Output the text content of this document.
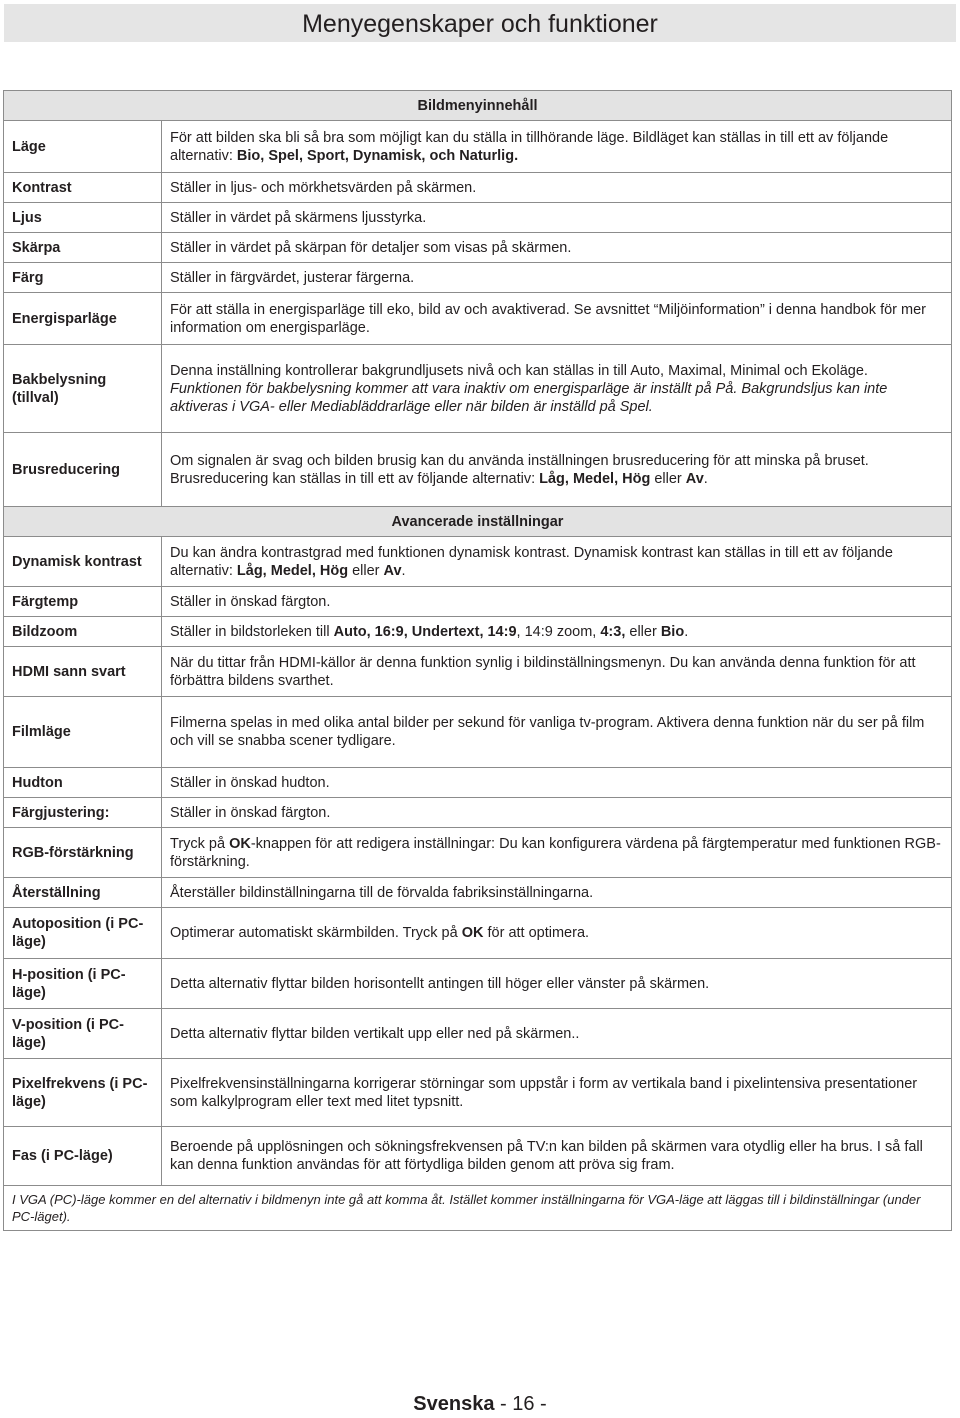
Menyegenskaper och funktioner
Bildmenyinnehåll	
Läge	För att bilden ska bli så bra som möjligt kan du ställa in tillhörande läge. Bildläget kan ställas in till ett av följande alternativ: Bio, Spel, Sport, Dynamisk, och Naturlig.
Kontrast	Ställer in ljus- och mörkhetsvärden på skärmen.
Ljus	Ställer in värdet på skärmens ljusstyrka.
Skärpa	Ställer in värdet på skärpan för detaljer som visas på skärmen.
Färg	Ställer in färgvärdet, justerar färgerna.
Energisparläge	För att ställa in energisparläge till eko, bild av och avaktiverad. Se avsnittet “Miljöinformation” i denna handbok för mer information om energisparläge.
Bakbelysning (tillval)	Denna inställning kontrollerar bakgrundljusets nivå och kan ställas in till Auto, Maximal, Minimal och Ekoläge. Funktionen för bakbelysning kommer att vara inaktiv om energisparläge är inställt på På. Bakgrundsljus kan inte aktiveras i VGA- eller Mediabläddrarläge eller när bilden är inställd på Spel.
Brusreducering	Om signalen är svag och bilden brusig kan du använda inställningen brusreducering för att minska på bruset. Brusreducering kan ställas in till ett av följande alternativ: Låg, Medel, Hög eller Av.
Avancerade inställningar	
Dynamisk kontrast	Du kan ändra kontrastgrad med funktionen dynamisk kontrast. Dynamisk kontrast kan ställas in till ett av följande alternativ: Låg, Medel, Hög eller Av.
Färgtemp	Ställer in önskad färgton.
Bildzoom	Ställer in bildstorleken till Auto, 16:9, Undertext, 14:9, 14:9 zoom, 4:3, eller Bio.
HDMI sann svart	När du tittar från HDMI-källor är denna funktion synlig i bildinställningsmenyn. Du kan använda denna funktion för att förbättra bildens svarthet.
Filmläge	Filmerna spelas in med olika antal bilder per sekund för vanliga tv-program. Aktivera denna funktion när du ser på film och vill se snabba scener tydligare.
Hudton	Ställer in önskad hudton.
Färgjustering:	Ställer in önskad färgton.
RGB-förstärkning	Tryck på OK-knappen för att redigera inställningar: Du kan konfigurera värdena på färgtemperatur med funktionen RGB-förstärkning.
Återställning	Återställer bildinställningarna till de förvalda fabriksinställningarna.
Autoposition (i PC-läge)	Optimerar automatiskt skärmbilden. Tryck på OK för att optimera.
H-position (i PC-läge)	Detta alternativ flyttar bilden horisontellt antingen till höger eller vänster på skärmen.
V-position (i PC-läge)	Detta alternativ flyttar bilden vertikalt upp eller ned på skärmen..
Pixelfrekvens (i PC-läge)	Pixelfrekvensinställningarna korrigerar störningar som uppstår i form av vertikala band i pixelintensiva presentationer som kalkylprogram eller text med litet typsnitt.
Fas (i PC-läge)	Beroende på upplösningen och sökningsfrekvensen på TV:n kan bilden på skärmen vara otydlig eller ha brus. I så fall kan denna funktion användas för att förtydliga bilden genom att pröva sig fram.
I VGA (PC)-läge kommer en del alternativ i bildmenyn inte gå att komma åt. Istället kommer inställningarna för VGA-läge att läggas till i bildinställningar (under PC-läget).	
Svenska - 16 -
